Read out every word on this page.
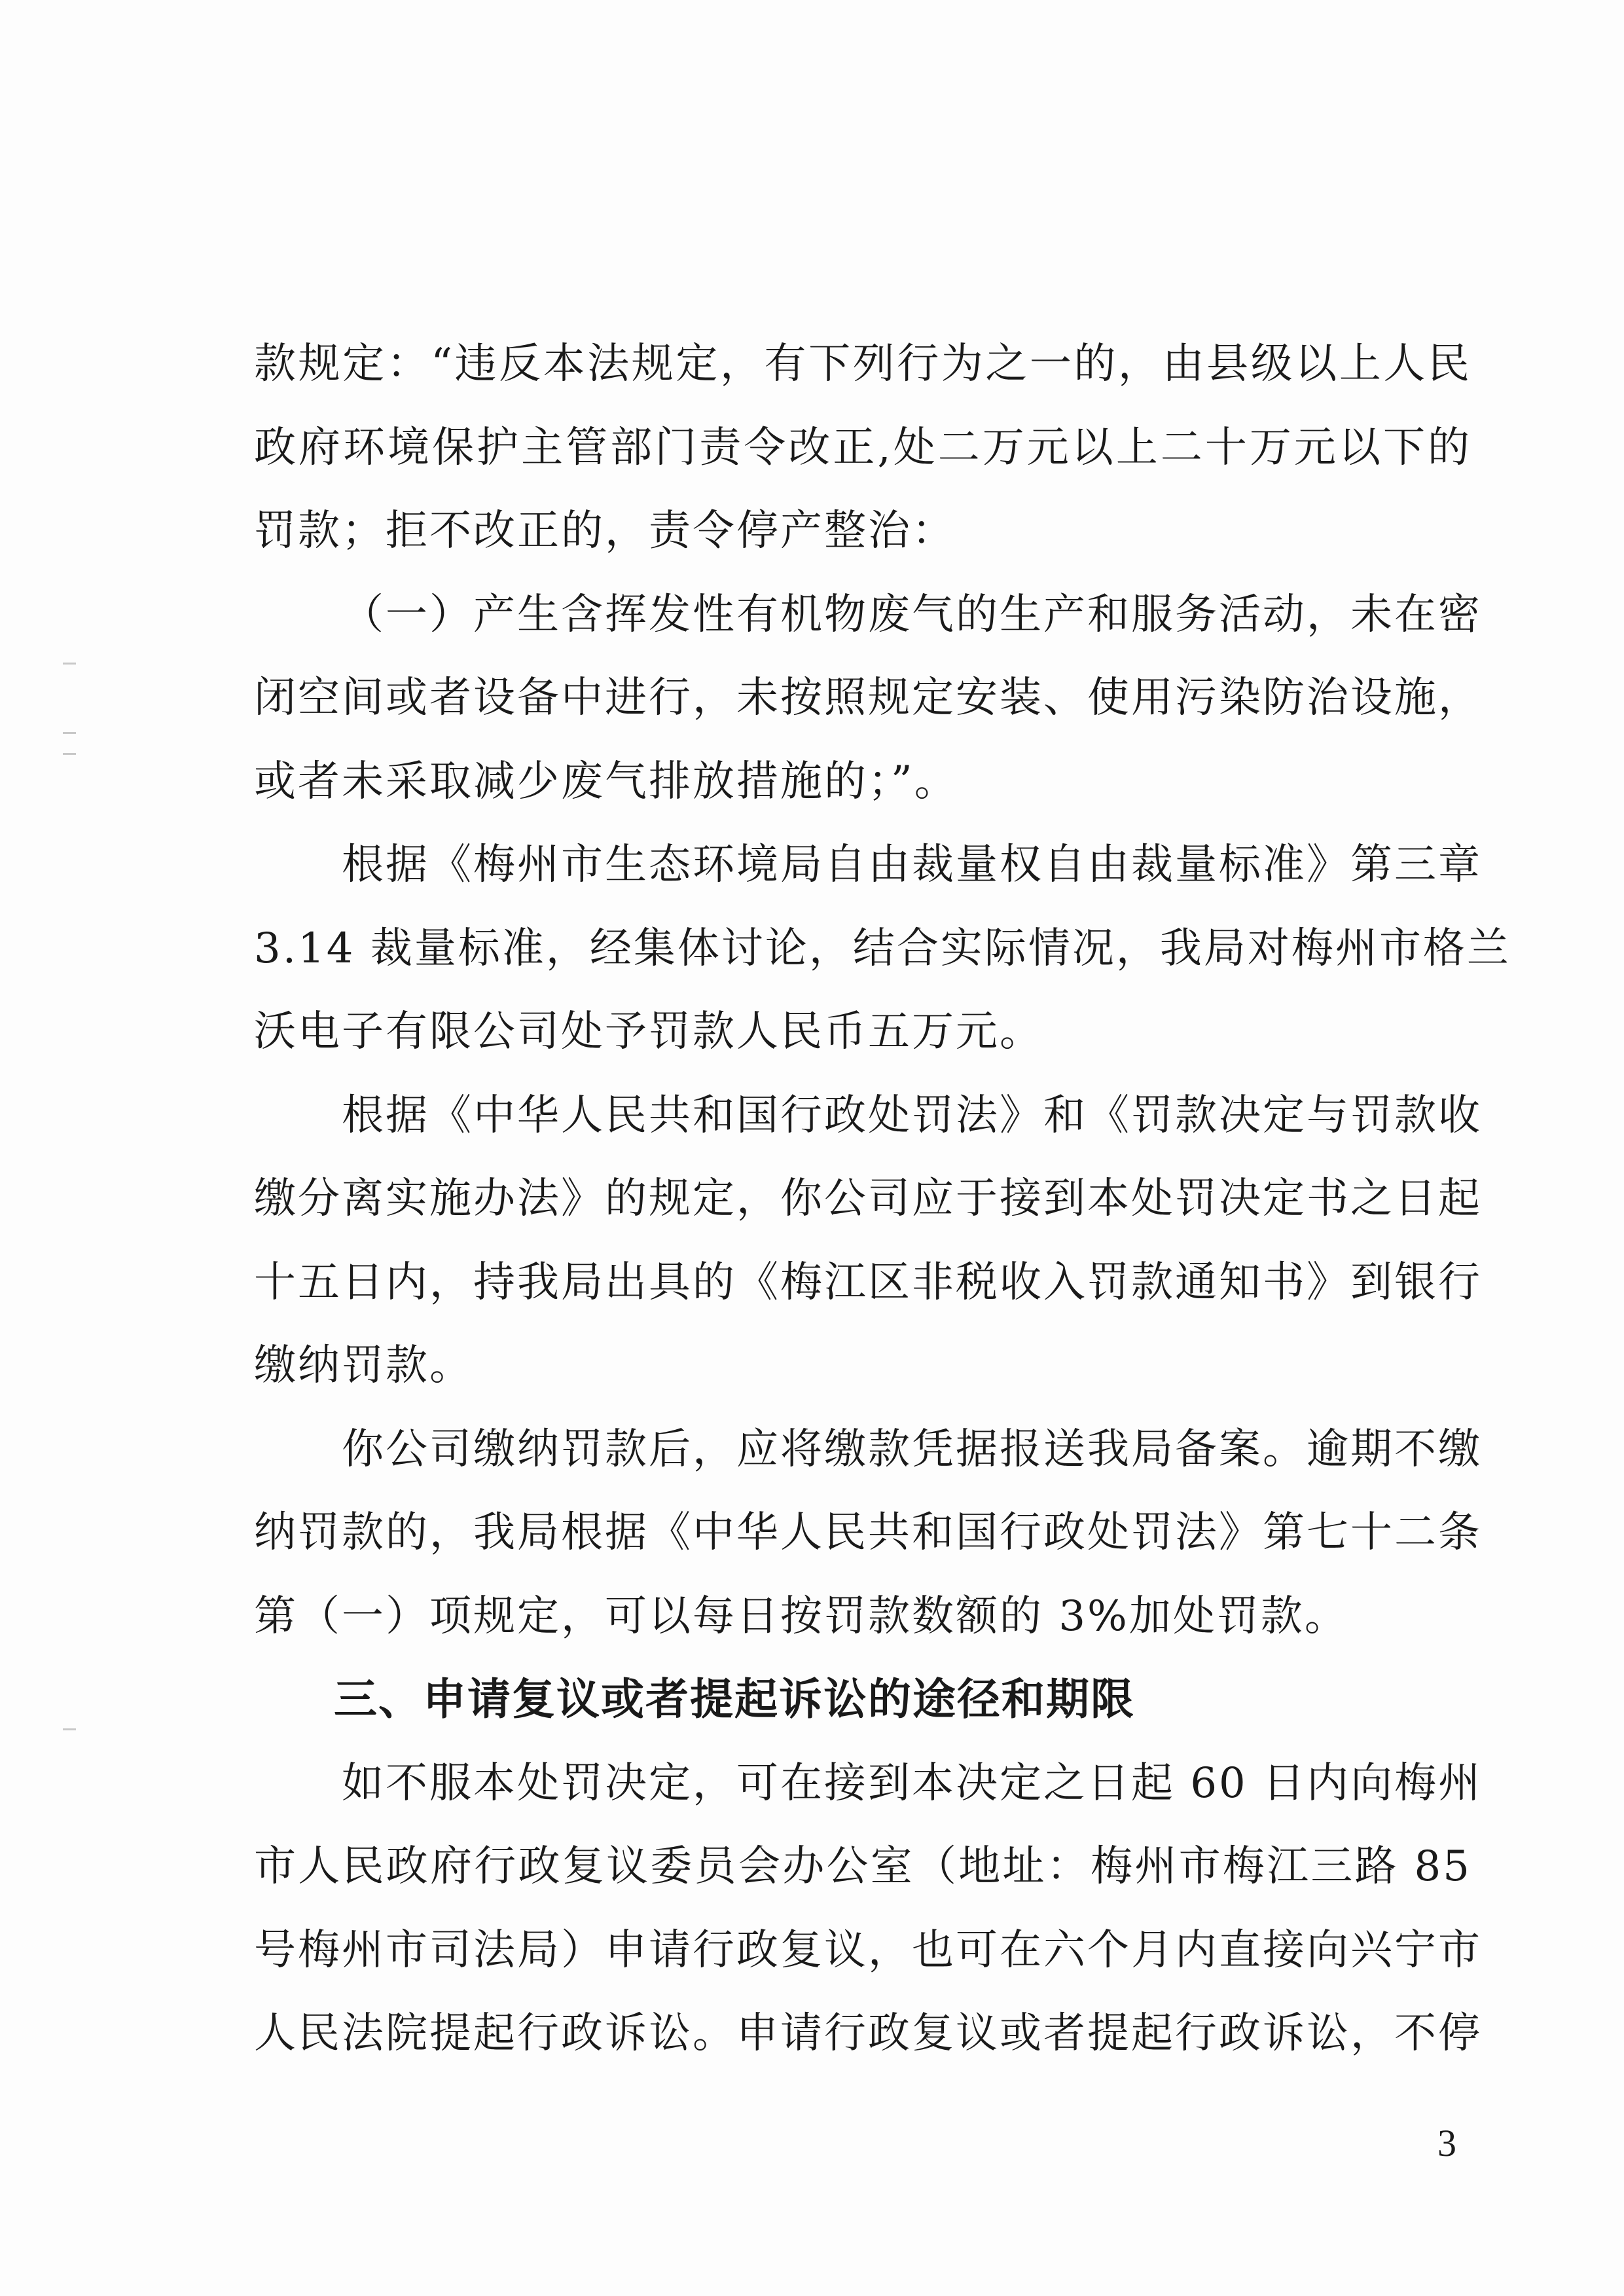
款规定：“违反本法规定，有下列行为之一的，由县级以上人民
政府环境保护主管部门责令改正,处二万元以上二十万元以下的
罚款；拒不改正的，责令停产整治：
（一）产生含挥发性有机物废气的生产和服务活动，未在密
闭空间或者设备中进行，未按照规定安装、使用污染防治设施，
或者未采取减少废气排放措施的；”。
根据《梅州市生态环境局自由裁量权自由裁量标准》第三章
3.14 裁量标准，经集体讨论，结合实际情况，我局对梅州市格兰
沃电子有限公司处予罚款人民币五万元。
根据《中华人民共和国行政处罚法》和《罚款决定与罚款收
缴分离实施办法》的规定，你公司应于接到本处罚决定书之日起
十五日内，持我局出具的《梅江区非税收入罚款通知书》到银行
缴纳罚款。
你公司缴纳罚款后，应将缴款凭据报送我局备案。逾期不缴
纳罚款的，我局根据《中华人民共和国行政处罚法》第七十二条
第（一）项规定，可以每日按罚款数额的 3%加处罚款。
三、申请复议或者提起诉讼的途径和期限
如不服本处罚决定，可在接到本决定之日起 60 日内向梅州
市人民政府行政复议委员会办公室（地址：梅州市梅江三路 85
号梅州市司法局）申请行政复议，也可在六个月内直接向兴宁市
人民法院提起行政诉讼。申请行政复议或者提起行政诉讼，不停
3
